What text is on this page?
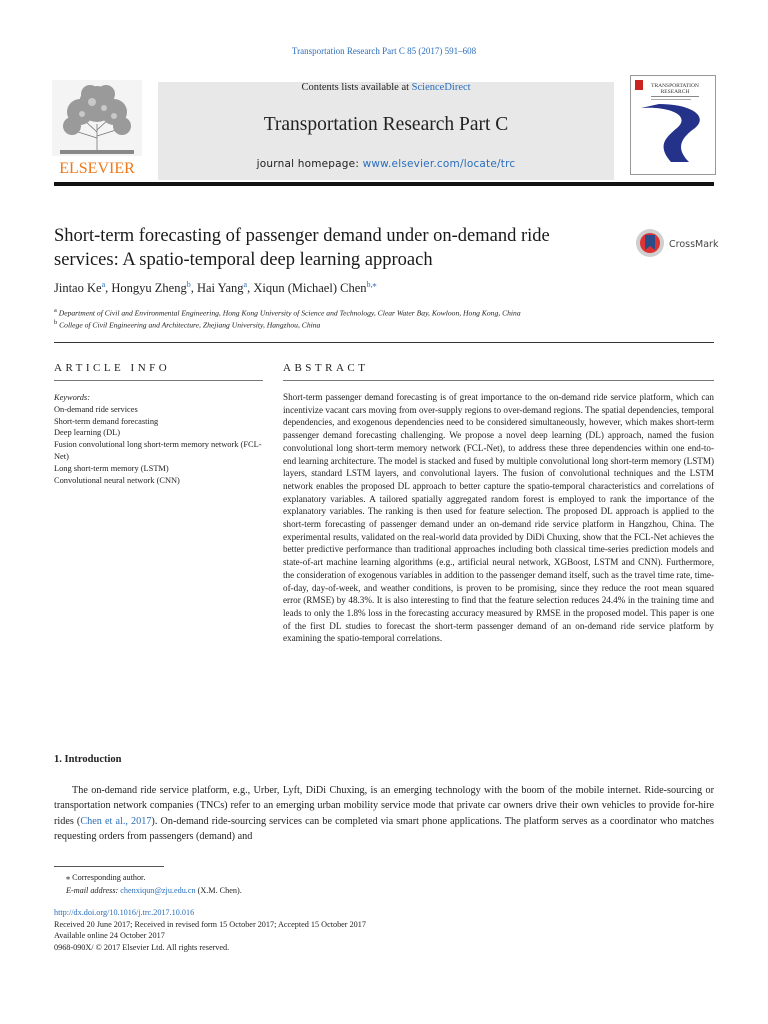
Transportation Research Part C 85 (2017) 591–608
ELSEVIER
Contents lists available at ScienceDirect
Transportation Research Part C
journal homepage: www.elsevier.com/locate/trc
TRANSPORTATION
RESEARCH
Short-term forecasting of passenger demand under on-demand ride services: A spatio-temporal deep learning approach
CrossMark
Jintao Ke$^a$, Hongyu Zheng$^b$, Hai Yang$^a$, Xiqun (Michael) Chen$^{b,⁎}$
$^a$ Department of Civil and Environmental Engineering, Hong Kong University of Science and Technology, Clear Water Bay, Kowloon, Hong Kong, China
$^b$ College of Civil Engineering and Architecture, Zhejiang University, Hangzhou, China
ARTICLE INFO	ABSTRACT
Keywords:
On-demand ride services
Short-term demand forecasting
Deep learning (DL)
Fusion convolutional long short-term memory network (FCL-Net)
Long short-term memory (LSTM)
Convolutional neural network (CNN)
Short-term passenger demand forecasting is of great importance to the on-demand ride service platform, which can incentivize vacant cars moving from over-supply regions to over-demand regions. The spatial dependencies, temporal dependencies, and exogenous dependencies need to be considered simultaneously, however, which makes short-term passenger demand forecasting challenging. We propose a novel deep learning (DL) approach, named the fusion convolutional long short-term memory network (FCL-Net), to address these three dependencies within one end-to-end learning architecture. The model is stacked and fused by multiple convolutional long short-term memory (LSTM) layers, standard LSTM layers, and convolutional layers. The fusion of convolutional techniques and the LSTM network enables the proposed DL approach to better capture the spatio-temporal characteristics and correlations of explanatory variables. A tailored spatially aggregated random forest is employed to rank the importance of the explanatory variables. The ranking is then used for feature selection. The proposed DL approach is applied to the short-term forecasting of passenger demand under an on-demand ride service platform in Hangzhou, China. The experimental results, validated on the real-world data provided by DiDi Chuxing, show that the FCL-Net achieves the better predictive performance than traditional approaches including both classical time-series prediction models and state-of-art machine learning algorithms (e.g., artificial neural network, XGBoost, LSTM and CNN). Furthermore, the consideration of exogenous variables in addition to the passenger demand itself, such as the travel time rate, time-of-day, day-of-week, and weather conditions, is proven to be promising, since they reduce the root mean squared error (RMSE) by 48.3%. It is also interesting to find that the feature selection reduces 24.4% in the training time and leads to only the 1.8% loss in the forecasting accuracy measured by RMSE in the proposed model. This paper is one of the first DL studies to forecast the short-term passenger demand of an on-demand ride service platform by examining the spatio-temporal correlations.
1. Introduction
The on-demand ride service platform, e.g., Urber, Lyft, DiDi Chuxing, is an emerging technology with the boom of the mobile internet. Ride-sourcing or transportation network companies (TNCs) refer to an emerging urban mobility service mode that private car owners drive their own vehicles to provide for-hire rides (Chen et al., 2017). On-demand ride-sourcing services can be completed via smart phone applications. The platform serves as a coordinator who matches requesting orders from passengers (demand) and
⁎ Corresponding author.
E-mail address: chenxiqun@zju.edu.cn (X.M. Chen).
http://dx.doi.org/10.1016/j.trc.2017.10.016
Received 20 June 2017; Received in revised form 15 October 2017; Accepted 15 October 2017
Available online 24 October 2017
0968-090X/ © 2017 Elsevier Ltd. All rights reserved.
